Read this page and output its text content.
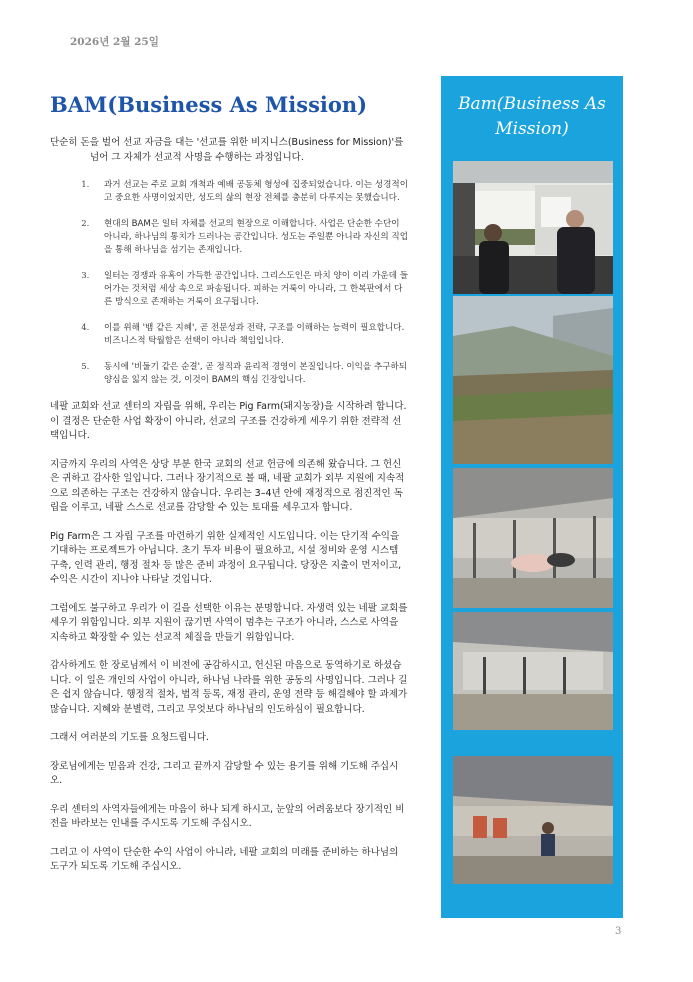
2026년 2월 25일
BAM(Business As Mission)

단순히 돈을 벌어 선교 자금을 대는 '선교를 위한 비지니스(Business for Mission)'를 넘어 그 자체가 선교적 사명을 수행하는 과정입니다.

1. 과거 선교는 주로 교회 개척과 예배 공동체 형성에 집중되었습니다. 이는 성경적이고 중요한 사명이었지만, 성도의 삶의 현장 전체를 충분히 다루지는 못했습니다.
2. 현대의 BAM은 일터 자체를 선교의 현장으로 이해합니다. 사업은 단순한 수단이 아니라, 하나님의 통치가 드러나는 공간입니다. 성도는 주일뿐 아니라 자신의 직업을 통해 하나님을 섬기는 존재입니다.
3. 일터는 경쟁과 유혹이 가득한 공간입니다. 그리스도인은 마치 양이 이리 가운데 들어가는 것처럼 세상 속으로 파송됩니다. 피하는 거룩이 아니라, 그 한복판에서 다른 방식으로 존재하는 거룩이 요구됩니다.
4. 이를 위해 '뱀 같은 지혜', 곧 전문성과 전략, 구조를 이해하는 능력이 필요합니다. 비즈니스적 탁월함은 선택이 아니라 책임입니다.
5. 동시에 '비둘기 같은 순결', 곧 정직과 윤리적 경영이 본질입니다. 이익을 추구하되 양심을 잃지 않는 것, 이것이 BAM의 핵심 긴장입니다.

네팔 교회와 선교 센터의 자립을 위해, 우리는 Pig Farm(돼지농장)을 시작하려 합니다. 이 결정은 단순한 사업 확장이 아니라, 선교의 구조를 건강하게 세우기 위한 전략적 선택입니다.

지금까지 우리의 사역은 상당 부분 한국 교회의 선교 헌금에 의존해 왔습니다. 그 헌신은 귀하고 감사한 일입니다. 그러나 장기적으로 볼 때, 네팔 교회가 외부 지원에 지속적으로 의존하는 구조는 건강하지 않습니다. 우리는 3–4년 안에 재정적으로 점진적인 독립을 이루고, 네팔 스스로 선교를 감당할 수 있는 토대를 세우고자 합니다.

Pig Farm은 그 자립 구조를 마련하기 위한 실제적인 시도입니다. 이는 단기적 수익을 기대하는 프로젝트가 아닙니다. 초기 투자 비용이 필요하고, 시설 정비와 운영 시스템 구축, 인력 관리, 행정 절차 등 많은 준비 과정이 요구됩니다. 당장은 지출이 먼저이고, 수익은 시간이 지나야 나타날 것입니다.

그럼에도 불구하고 우리가 이 길을 선택한 이유는 분명합니다. 자생력 있는 네팔 교회를 세우기 위함입니다. 외부 지원이 끊기면 사역이 멈추는 구조가 아니라, 스스로 사역을 지속하고 확장할 수 있는 선교적 체질을 만들기 위함입니다.

감사하게도 한 장로님께서 이 비전에 공감하시고, 헌신된 마음으로 동역하기로 하셨습니다. 이 일은 개인의 사업이 아니라, 하나님 나라를 위한 공동의 사명입니다. 그러나 길은 쉽지 않습니다. 행정적 절차, 법적 등록, 재정 관리, 운영 전략 등 해결해야 할 과제가 많습니다. 지혜와 분별력, 그리고 무엇보다 하나님의 인도하심이 필요합니다.

그래서 여러분의 기도를 요청드립니다.

장로님에게는 믿음과 건강, 그리고 끝까지 감당할 수 있는 용기를 위해 기도해 주십시오.

우리 센터의 사역자들에게는 마음이 하나 되게 하시고, 눈앞의 어려움보다 장기적인 비전을 바라보는 인내를 주시도록 기도해 주십시오.

그리고 이 사역이 단순한 수익 사업이 아니라, 네팔 교회의 미래를 준비하는 하나님의 도구가 되도록 기도해 주십시오.

Bam(Business As Mission)
3
